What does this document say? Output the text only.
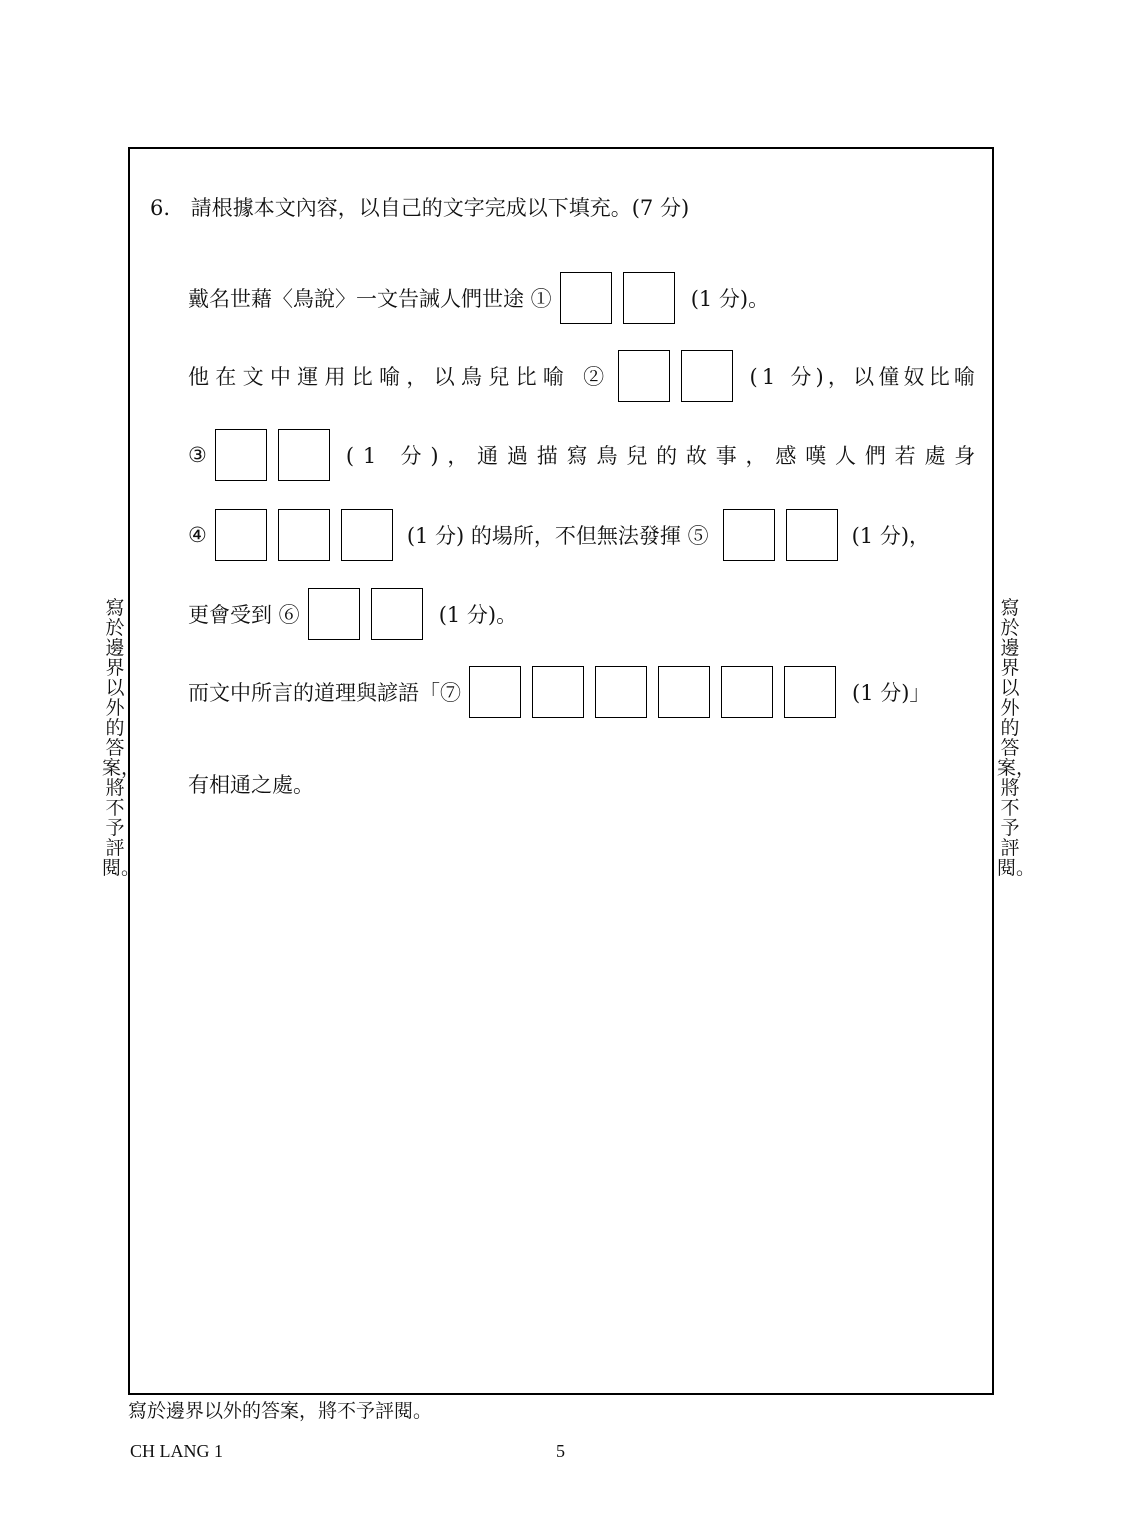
寫於邊界以外的答案，將不予評閱。
寫於邊界以外的答案，將不予評閱。
6. 請根據本文內容，以自己的文字完成以下填充。(7 分)
戴名世藉〈鳥說〉一文告誡人們世途 ①	(1 分)。
他在文中運用比喻，以鳥兒比喻 ②	(1 分)，以僮奴比喻
③	(1 分)，通過描寫鳥兒的故事，感嘆人們若處身
④	(1 分) 的場所，不但無法發揮 ⑤	(1 分)，
更會受到 ⑥	(1 分)。
而文中所言的道理與諺語「⑦	(1 分)」
有相通之處。
寫於邊界以外的答案，將不予評閱。
CH LANG 1	5
